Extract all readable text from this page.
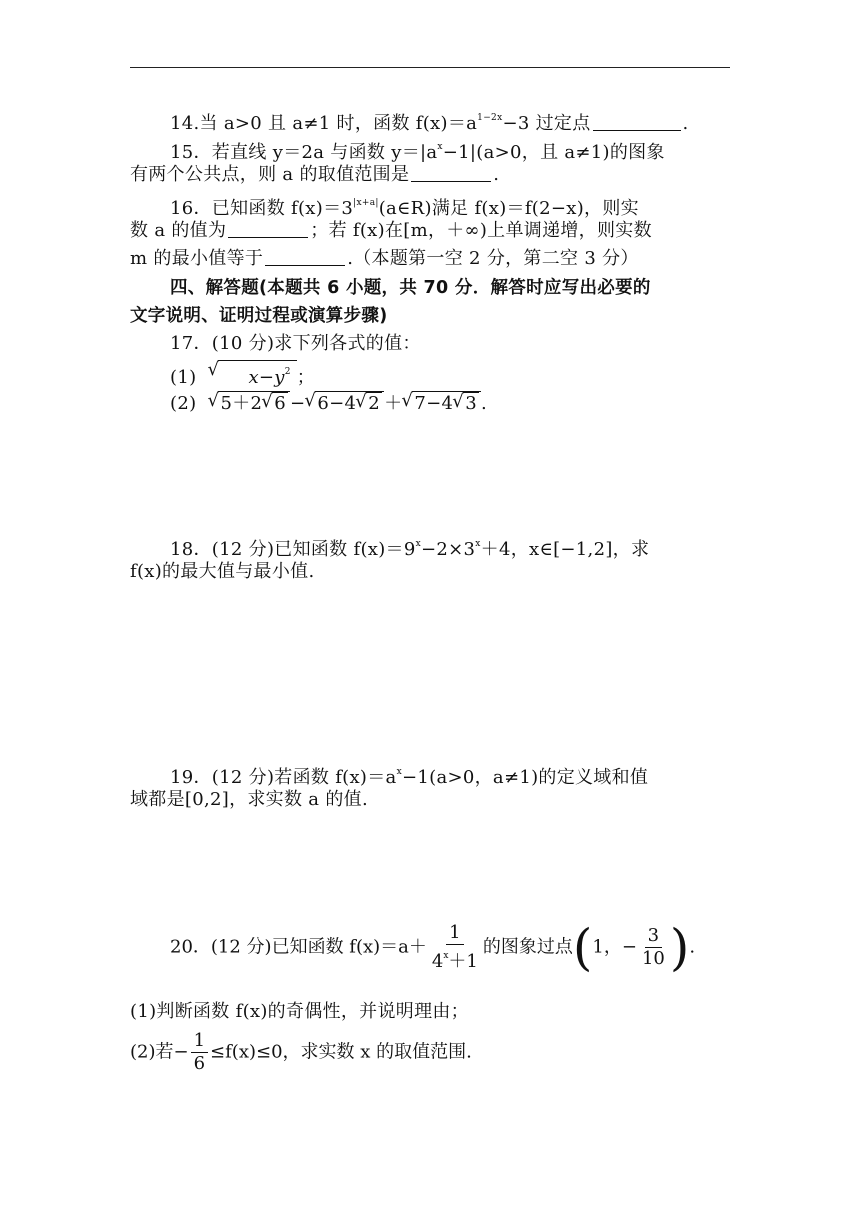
14.当 a>0 且 a≠1 时，函数 $f(x)=a^{1-2x}-3$ 过定点	.
15．若直线 y＝2a 与函数 $y=|a^x-1|(a>0$，且 a≠1)的图象
有两个公共点，则 a 的取值范围是	.
16．已知函数 $f(x)=3^{|x+a|}(a\in R)$满足 f(x)＝f(2−x)，则实
数 a 的值为	；若 f(x)在[m，＋∞)上单调递增，则实数
m 的最小值等于	.（本题第一空 2 分，第二空 3 分）
四、解答题(本题共 6 小题，共 70 分．解答时应写出必要的
文字说明、证明过程或演算步骤)
17．(10 分)求下列各式的值：
(1)	√ $x-y^2$ ；
(2) √ 5＋2 √ 6 − √ 6−4 √ 2 ＋ √ 7−4 √ 3 .
18．(12 分)已知函数 $f(x)=9^x-2\times 3^x+4$，x∈[−1,2]，求
f(x)的最大值与最小值.
19．(12 分)若函数 $f(x)=a^x-1(a>0$，a≠1)的定义域和值
域都是[0,2]，求实数 a 的值.
20．(12 分)已知函数 $f(x)=a+ \frac{1}{4^x+1}$ 的图象过点(1，− $\frac{3}{10}$ ).
(1)判断函数 f(x)的奇偶性，并说明理由；
(2)若− $\frac{1}{6} \le f(x)\le 0$，求实数 x 的取值范围.
